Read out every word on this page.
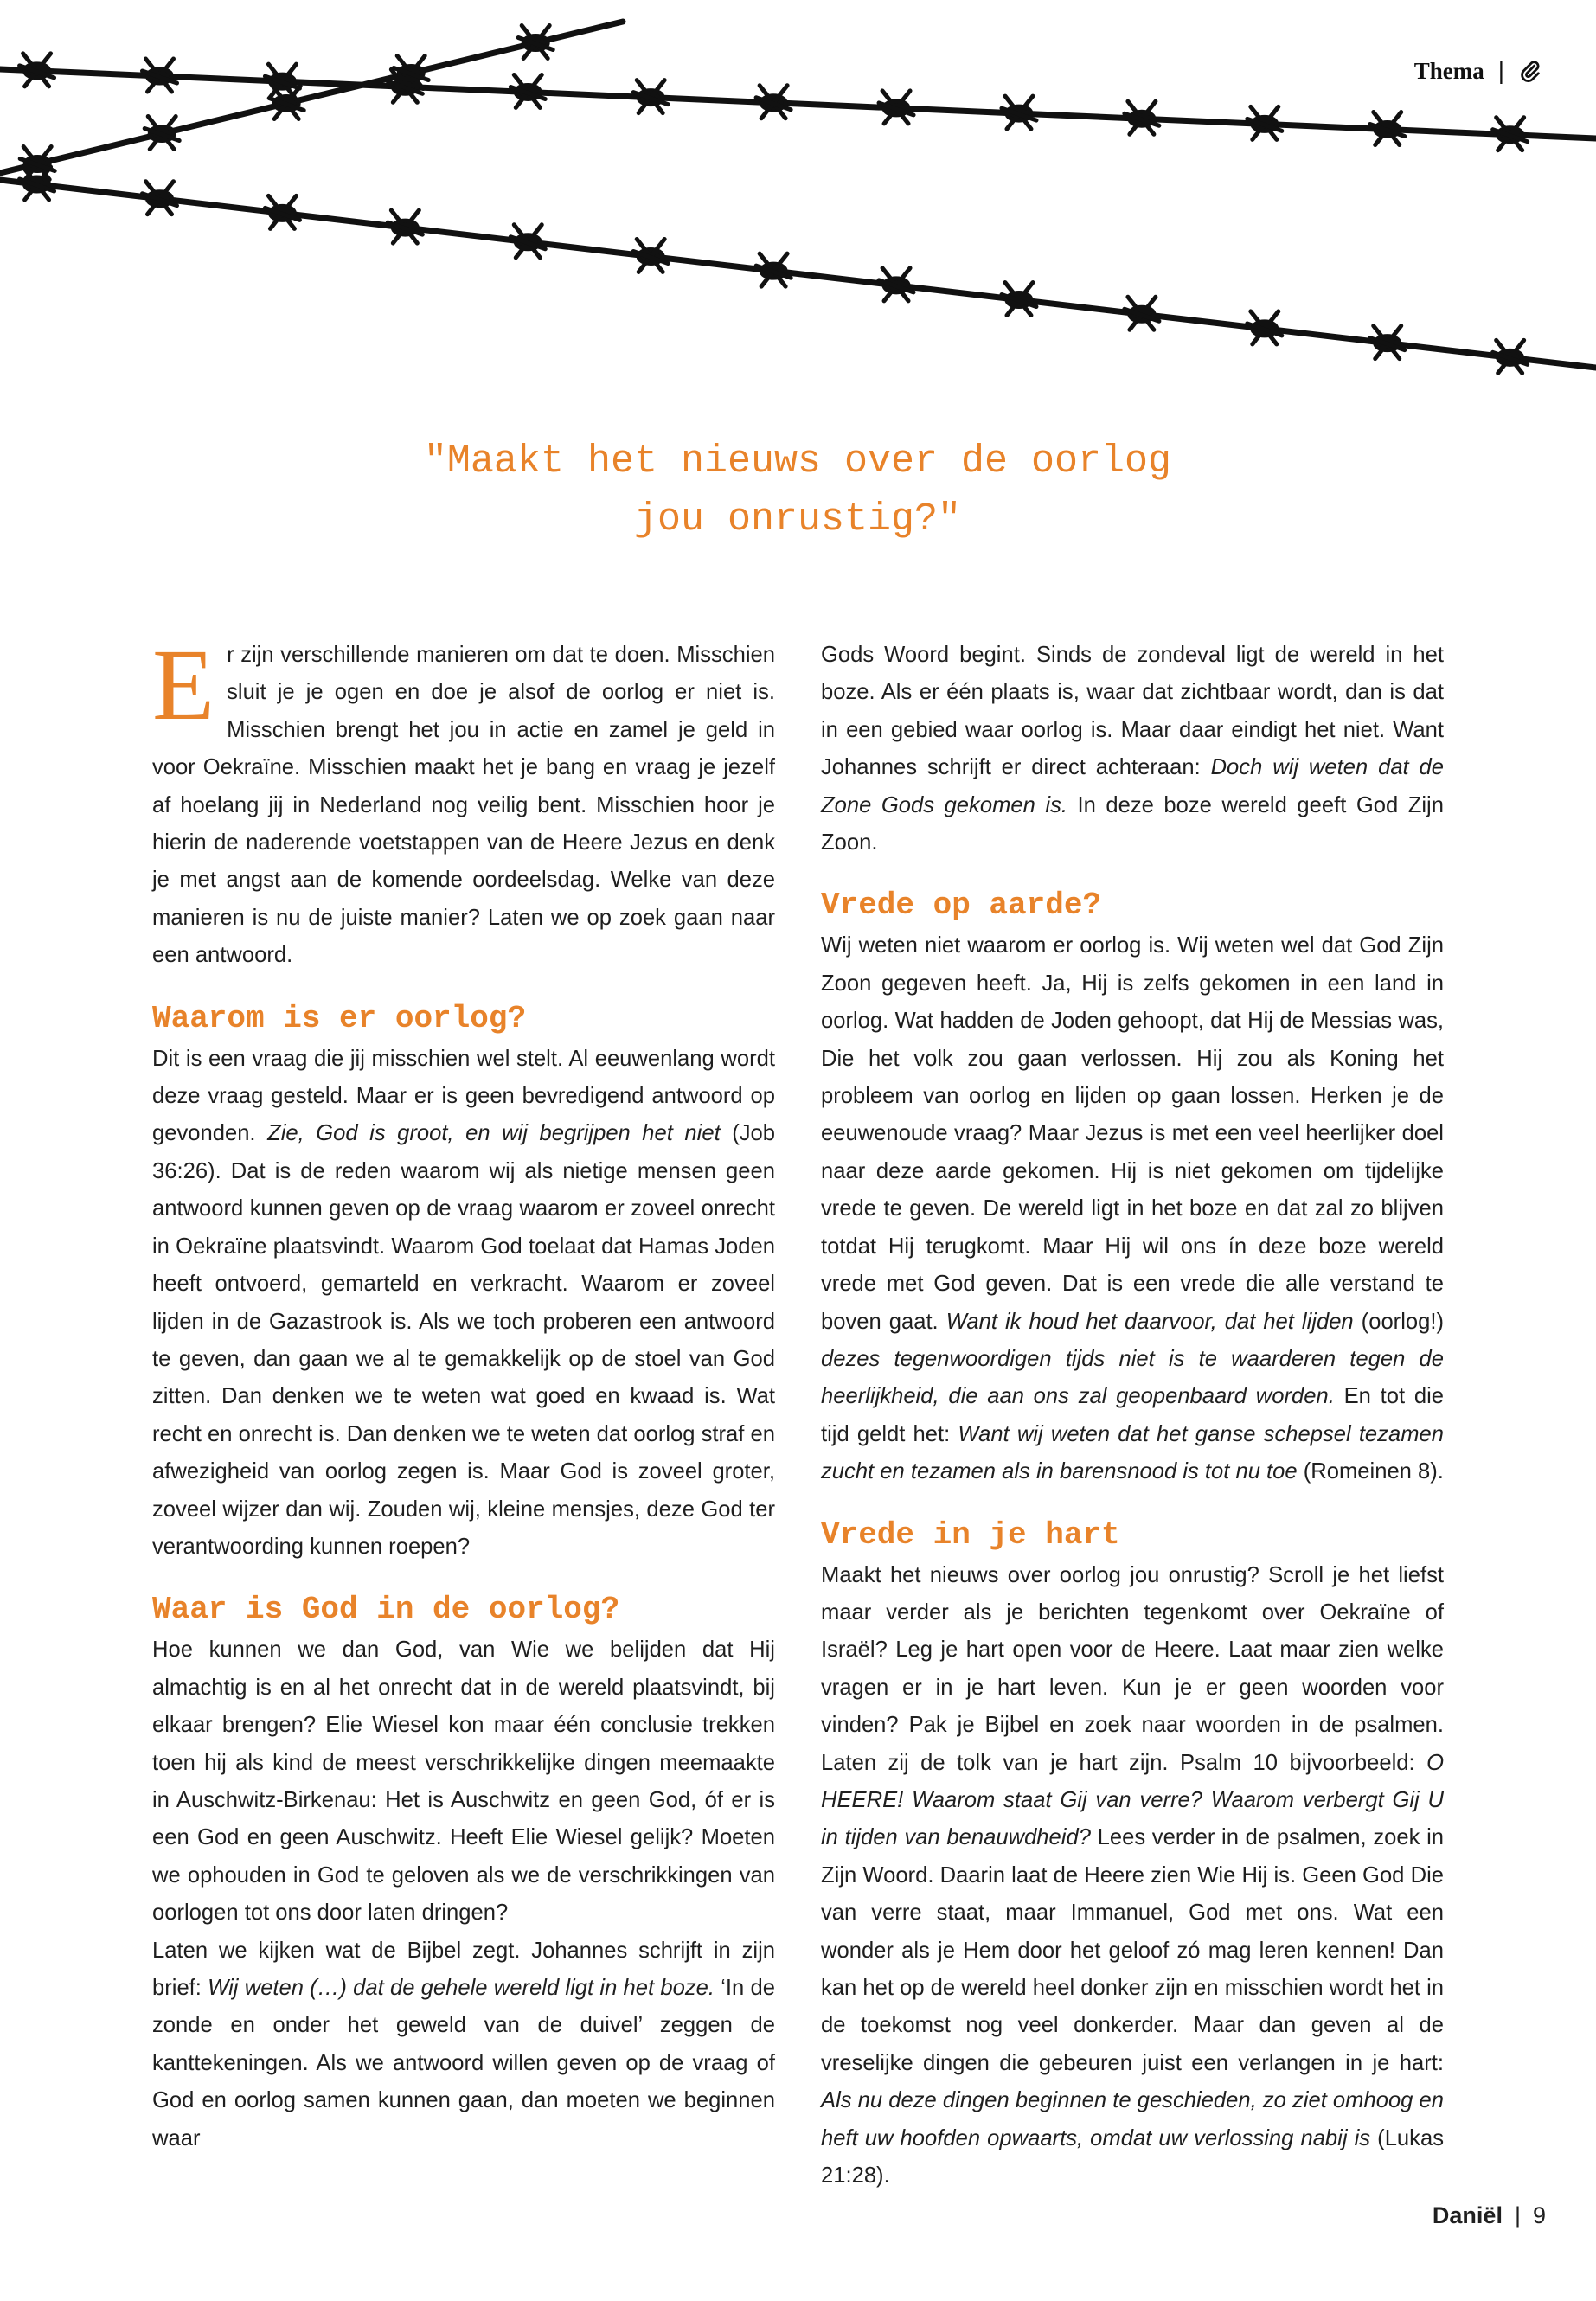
Thema |
"Maakt het nieuws over de oorlog
jou onrustig?"

Er zijn verschillende manieren om dat te doen. Misschien sluit je je ogen en doe je alsof de oorlog er niet is. Misschien brengt het jou in actie en zamel je geld in voor Oekraïne. Misschien maakt het je bang en vraag je jezelf af hoelang jij in Nederland nog veilig bent. Misschien hoor je hierin de naderende voetstappen van de Heere Jezus en denk je met angst aan de komende oordeelsdag. Welke van deze manieren is nu de juiste manier? Laten we op zoek gaan naar een antwoord.

Waarom is er oorlog?

Dit is een vraag die jij misschien wel stelt. Al eeuwenlang wordt deze vraag gesteld. Maar er is geen bevredigend antwoord op gevonden. Zie, God is groot, en wij begrijpen het niet (Job 36:26). Dat is de reden waarom wij als nietige mensen geen antwoord kunnen geven op de vraag waarom er zoveel onrecht in Oekraïne plaatsvindt. Waarom God toelaat dat Hamas Joden heeft ontvoerd, gemarteld en verkracht. Waarom er zoveel lijden in de Gazastrook is. Als we toch proberen een antwoord te geven, dan gaan we al te gemakkelijk op de stoel van God zitten. Dan denken we te weten wat goed en kwaad is. Wat recht en onrecht is. Dan denken we te weten dat oorlog straf en afwezigheid van oorlog zegen is. Maar God is zoveel groter, zoveel wijzer dan wij. Zouden wij, kleine mensjes, deze God ter verantwoording kunnen roepen?

Waar is God in de oorlog?

Hoe kunnen we dan God, van Wie we belijden dat Hij almachtig is en al het onrecht dat in de wereld plaatsvindt, bij elkaar brengen? Elie Wiesel kon maar één conclusie trekken toen hij als kind de meest verschrikkelijke dingen meemaakte in Auschwitz-Birkenau: Het is Auschwitz en geen God, óf er is een God en geen Auschwitz. Heeft Elie Wiesel gelijk? Moeten we ophouden in God te geloven als we de verschrikkingen van oorlogen tot ons door laten dringen?

Laten we kijken wat de Bijbel zegt. Johannes schrijft in zijn brief: Wij weten (…) dat de gehele wereld ligt in het boze. ‘In de zonde en onder het geweld van de duivel’ zeggen de kanttekeningen. Als we antwoord willen geven op de vraag of God en oorlog samen kunnen gaan, dan moeten we beginnen waar

Gods Woord begint. Sinds de zondeval ligt de wereld in het boze. Als er één plaats is, waar dat zichtbaar wordt, dan is dat in een gebied waar oorlog is. Maar daar eindigt het niet. Want Johannes schrijft er direct achteraan: Doch wij weten dat de Zone Gods gekomen is. In deze boze wereld geeft God Zijn Zoon.

Vrede op aarde?

Wij weten niet waarom er oorlog is. Wij weten wel dat God Zijn Zoon gegeven heeft. Ja, Hij is zelfs gekomen in een land in oorlog. Wat hadden de Joden gehoopt, dat Hij de Messias was, Die het volk zou gaan verlossen. Hij zou als Koning het probleem van oorlog en lijden op gaan lossen. Herken je de eeuwenoude vraag? Maar Jezus is met een veel heerlijker doel naar deze aarde gekomen. Hij is niet gekomen om tijdelijke vrede te geven. De wereld ligt in het boze en dat zal zo blijven totdat Hij terugkomt. Maar Hij wil ons ín deze boze wereld vrede met God geven. Dat is een vrede die alle verstand te boven gaat. Want ik houd het daarvoor, dat het lijden (oorlog!) dezes tegenwoordigen tijds niet is te waarderen tegen de heerlijkheid, die aan ons zal geopenbaard worden. En tot die tijd geldt het: Want wij weten dat het ganse schepsel tezamen zucht en tezamen als in barensnood is tot nu toe (Romeinen 8).

Vrede in je hart

Maakt het nieuws over oorlog jou onrustig? Scroll je het liefst maar verder als je berichten tegenkomt over Oekraïne of Israël? Leg je hart open voor de Heere. Laat maar zien welke vragen er in je hart leven. Kun je er geen woorden voor vinden? Pak je Bijbel en zoek naar woorden in de psalmen. Laten zij de tolk van je hart zijn. Psalm 10 bijvoorbeeld: O HEERE! Waarom staat Gij van verre? Waarom verbergt Gij U in tijden van benauwdheid? Lees verder in de psalmen, zoek in Zijn Woord. Daarin laat de Heere zien Wie Hij is. Geen God Die van verre staat, maar Immanuel, God met ons. Wat een wonder als je Hem door het geloof zó mag leren kennen! Dan kan het op de wereld heel donker zijn en misschien wordt het in de toekomst nog veel donkerder. Maar dan geven al de vreselijke dingen die gebeuren juist een verlangen in je hart: Als nu deze dingen beginnen te geschieden, zo ziet omhoog en heft uw hoofden opwaarts, omdat uw verlossing nabij is (Lukas 21:28).

Daniël | 9
